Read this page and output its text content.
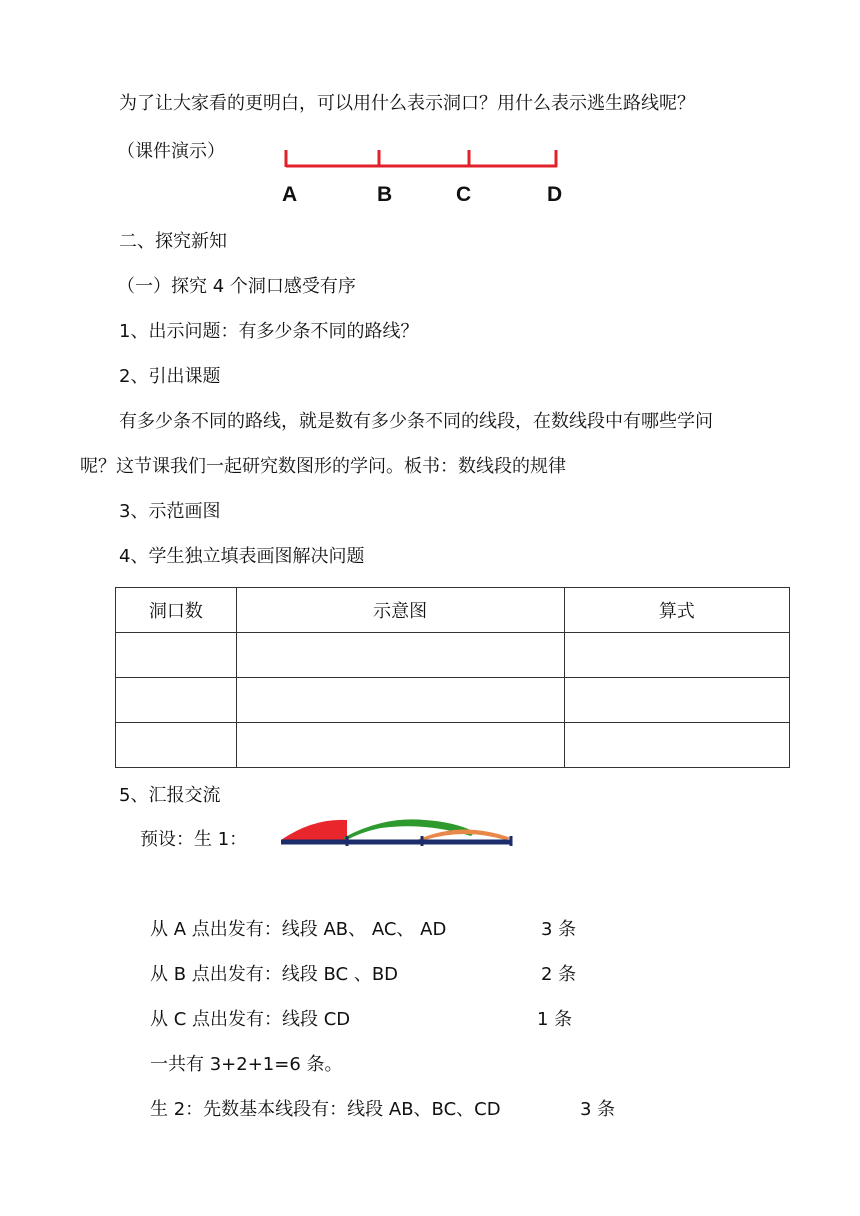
为了让大家看的更明白，可以用什么表示洞口？用什么表示逃生路线呢？
（课件演示）
A	B	C	D
二、探究新知
（一）探究 4 个洞口感受有序
1、出示问题：有多少条不同的路线？
2、引出课题
有多少条不同的路线，就是数有多少条不同的线段，在数线段中有哪些学问
呢？这节课我们一起研究数图形的学问。板书：数线段的规律
3、示范画图
4、学生独立填表画图解决问题
洞口数	示意图	算式

5、汇报交流
预设：生 1：
从 A 点出发有：线段 AB、 AC、 AD	3 条
从 B 点出发有：线段 BC 、BD	2 条
从 C 点出发有：线段 CD	1 条
一共有 3+2+1=6 条。
生 2：先数基本线段有：线段 AB、BC、CD	3 条
